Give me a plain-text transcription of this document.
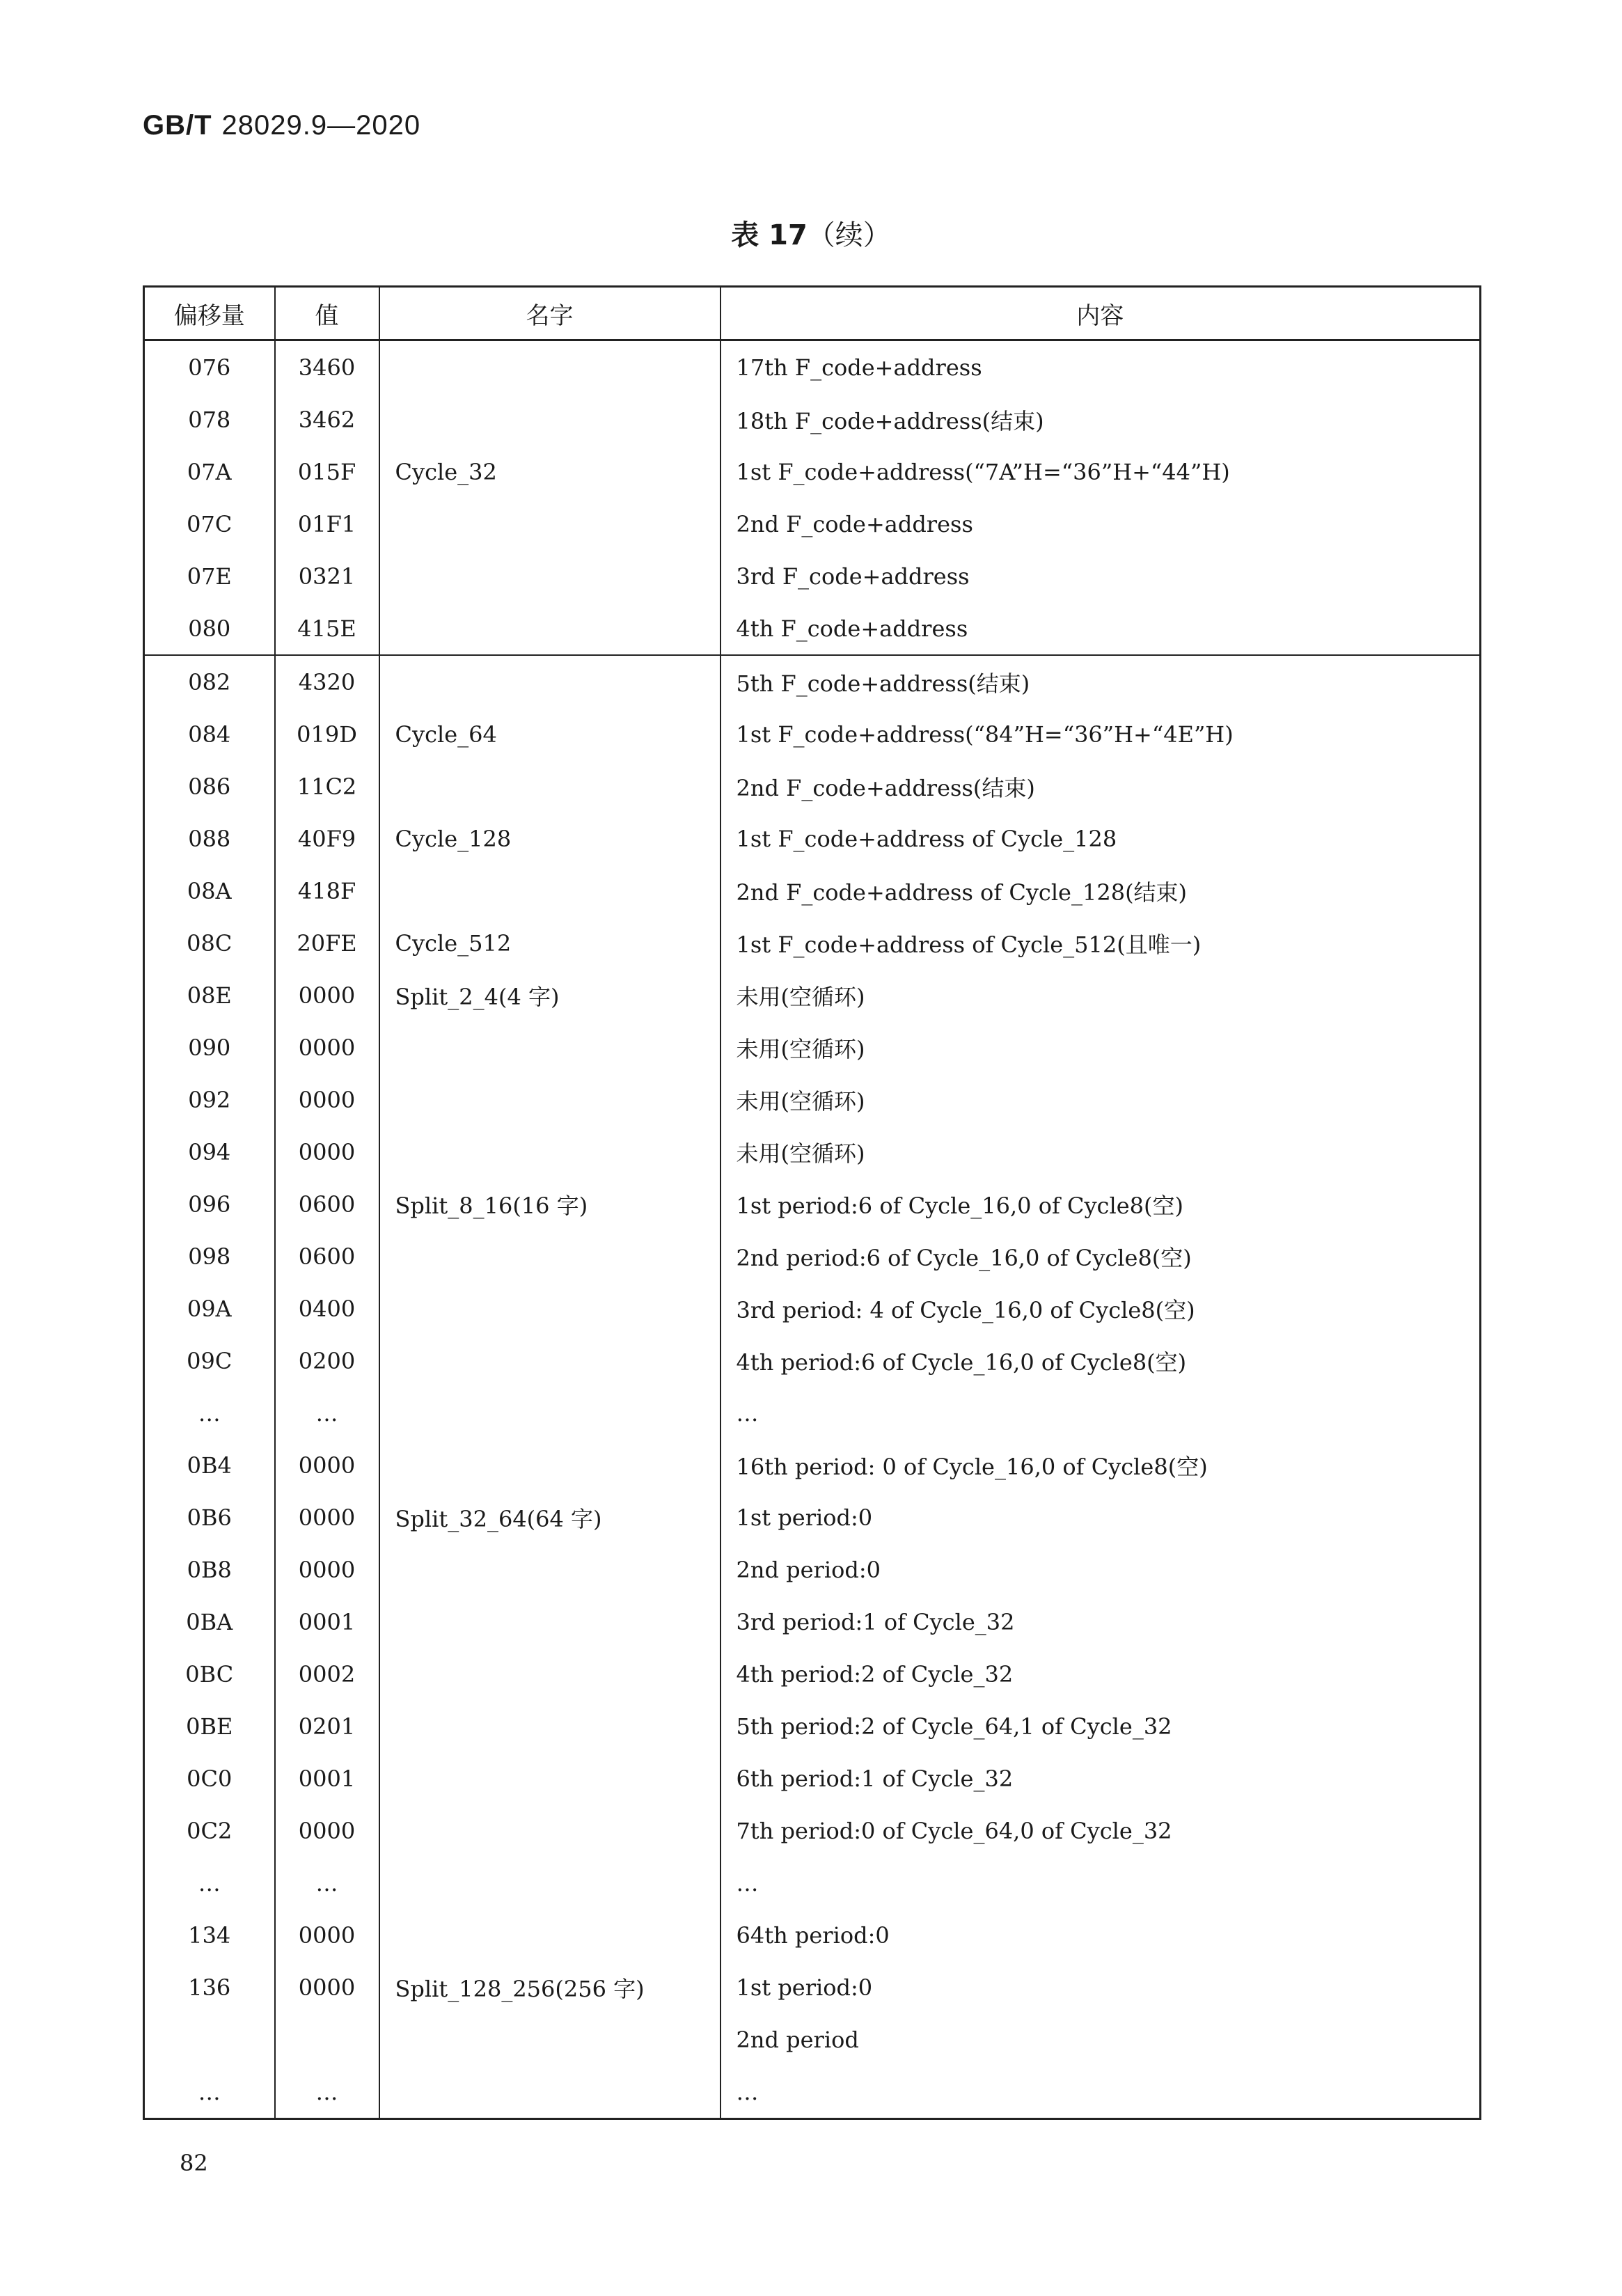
GB/T 28029.9—2020
表 17（续）
偏移量	值	名字	内容
076	3460		17th F_code+address
078	3462		18th F_code+address(结束)
07A	015F	Cycle_32	1st F_code+address(“7A”H=“36”H+“44”H)
07C	01F1		2nd F_code+address
07E	0321		3rd F_code+address
080	415E		4th F_code+address
082	4320		5th F_code+address(结束)
084	019D	Cycle_64	1st F_code+address(“84”H=“36”H+“4E”H)
086	11C2		2nd F_code+address(结束)
088	40F9	Cycle_128	1st F_code+address of Cycle_128
08A	418F		2nd F_code+address of Cycle_128(结束)
08C	20FE	Cycle_512	1st F_code+address of Cycle_512(且唯一)
08E	0000	Split_2_4(4 字)	未用(空循环)
090	0000		未用(空循环)
092	0000		未用(空循环)
094	0000		未用(空循环)
096	0600	Split_8_16(16 字)	1st period:6 of Cycle_16,0 of Cycle8(空)
098	0600		2nd period:6 of Cycle_16,0 of Cycle8(空)
09A	0400		3rd period: 4 of Cycle_16,0 of Cycle8(空)
09C	0200		4th period:6 of Cycle_16,0 of Cycle8(空)
…	…		…
0B4	0000		16th period: 0 of Cycle_16,0 of Cycle8(空)
0B6	0000	Split_32_64(64 字)	1st period:0
0B8	0000		2nd period:0
0BA	0001		3rd period:1 of Cycle_32
0BC	0002		4th period:2 of Cycle_32
0BE	0201		5th period:2 of Cycle_64,1 of Cycle_32
0C0	0001		6th period:1 of Cycle_32
0C2	0000		7th period:0 of Cycle_64,0 of Cycle_32
…	…		…
134	0000		64th period:0
136	0000	Split_128_256(256 字)	1st period:0
			2nd period
…	…		…
82
